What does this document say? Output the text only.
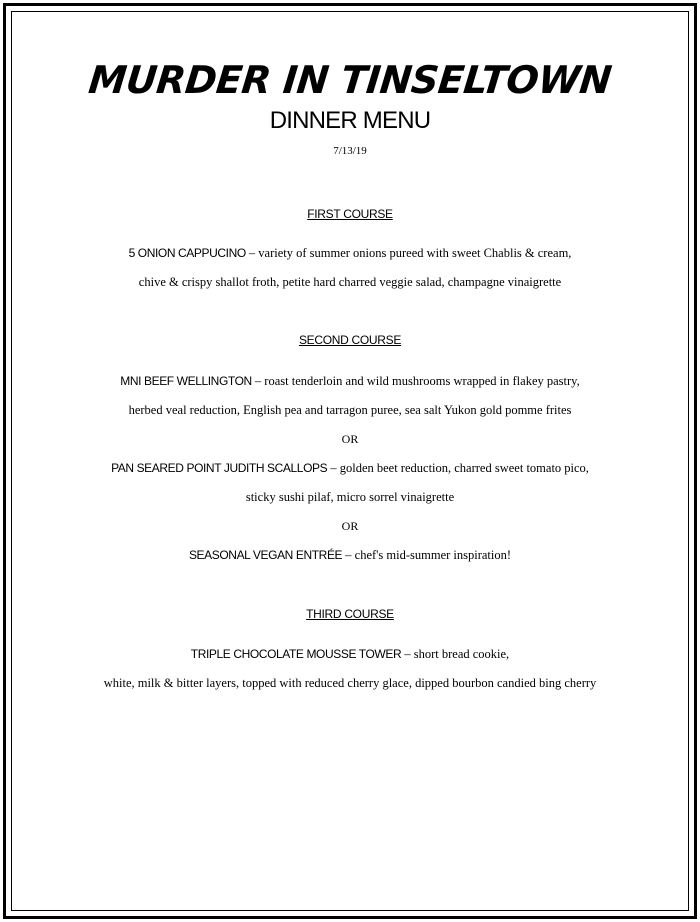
MURDER IN TINSELTOWN
DINNER MENU
7/13/19
FIRST COURSE
5 ONION CAPPUCINO – variety of summer onions pureed with sweet Chablis & cream,
chive & crispy shallot froth, petite hard charred veggie salad, champagne vinaigrette
SECOND COURSE
MNI BEEF WELLINGTON – roast tenderloin and wild mushrooms wrapped in flakey pastry,
herbed veal reduction, English pea and tarragon puree, sea salt Yukon gold pomme frites
OR
PAN SEARED POINT JUDITH SCALLOPS – golden beet reduction, charred sweet tomato pico,
sticky sushi pilaf, micro sorrel vinaigrette
OR
SEASONAL VEGAN ENTRÉE – chef's mid-summer inspiration!
THIRD COURSE
TRIPLE CHOCOLATE MOUSSE TOWER – short bread cookie,
white, milk & bitter layers, topped with reduced cherry glace, dipped bourbon candied bing cherry
